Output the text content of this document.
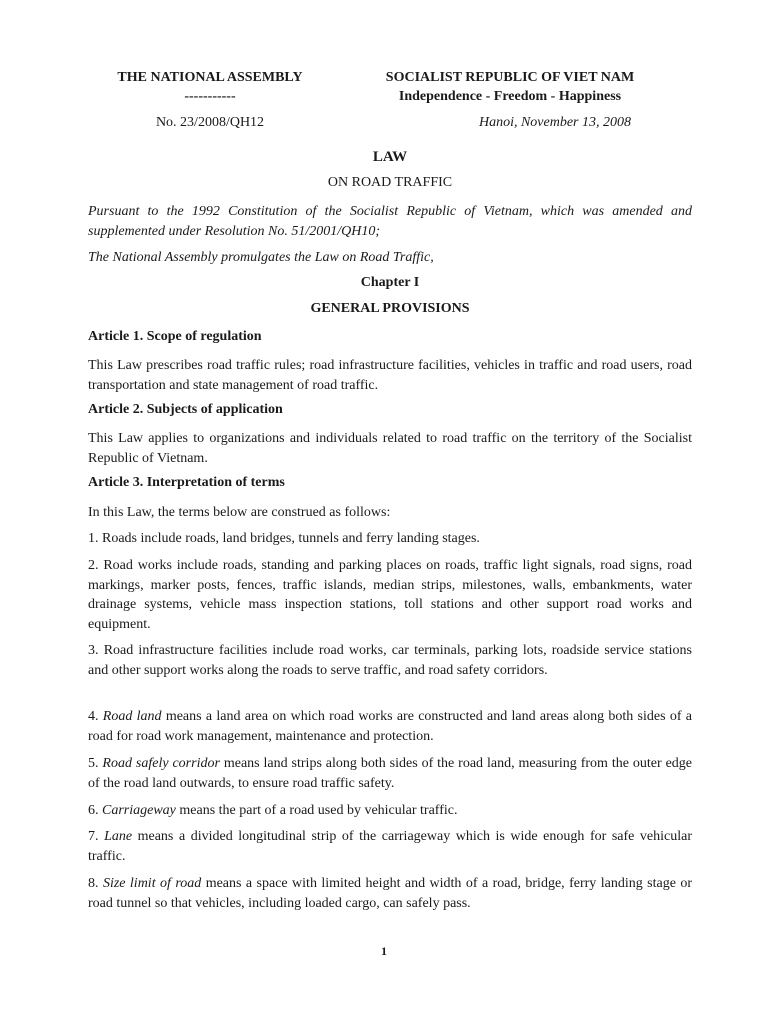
THE NATIONAL ASSEMBLY	SOCIALIST REPUBLIC OF VIET NAM
-----------	Independence - Freedom - Happiness
No. 23/2008/QH12	Hanoi, November 13, 2008
LAW
ON ROAD TRAFFIC
Pursuant to the 1992 Constitution of the Socialist Republic of Vietnam, which was amended and supplemented under Resolution No. 51/2001/QH10;
The National Assembly promulgates the Law on Road Traffic,
Chapter I
GENERAL PROVISIONS
Article 1. Scope of regulation
This Law prescribes road traffic rules; road infrastructure facilities, vehicles in traffic and road users, road transportation and state management of road traffic.
Article 2. Subjects of application
This Law applies to organizations and individuals related to road traffic on the territory of the Socialist Republic of Vietnam.
Article 3. Interpretation of terms
In this Law, the terms below are construed as follows:
1. Roads include roads, land bridges, tunnels and ferry landing stages.
2. Road works include roads, standing and parking places on roads, traffic light signals, road signs, road markings, marker posts, fences, traffic islands, median strips, milestones, walls, embankments, water drainage systems, vehicle mass inspection stations, toll stations and other support road works and equipment.
3. Road infrastructure facilities include road works, car terminals, parking lots, roadside service stations and other support works along the roads to serve traffic, and road safety corridors.
4. Road land means a land area on which road works are constructed and land areas along both sides of a road for road work management, maintenance and protection.
5. Road safely corridor means land strips along both sides of the road land, measuring from the outer edge of the road land outwards, to ensure road traffic safety.
6. Carriageway means the part of a road used by vehicular traffic.
7. Lane means a divided longitudinal strip of the carriageway which is wide enough for safe vehicular traffic.
8. Size limit of road means a space with limited height and width of a road, bridge, ferry landing stage or road tunnel so that vehicles, including loaded cargo, can safely pass.
1
